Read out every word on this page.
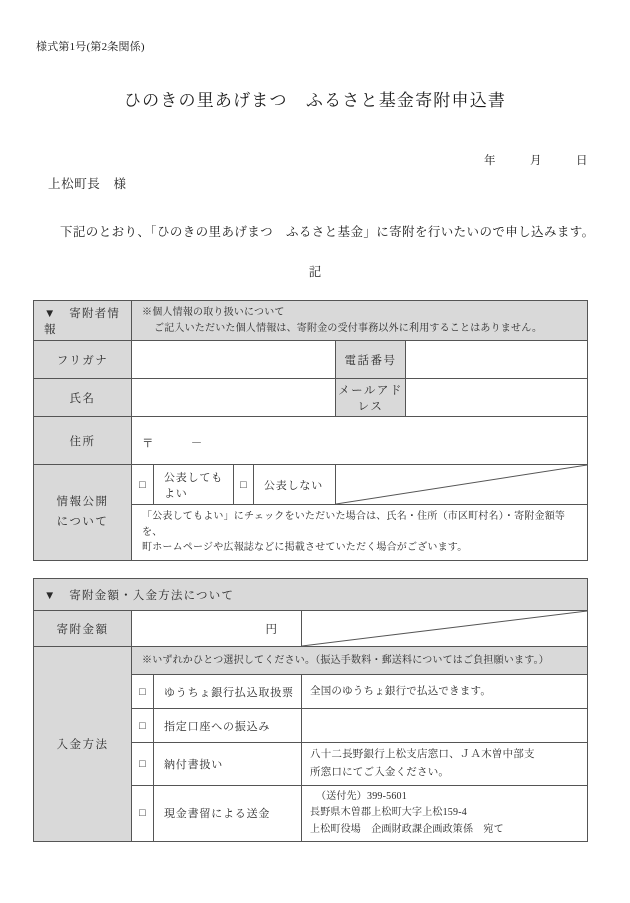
様式第1号(第2条関係)
ひのきの里あげまつ　ふるさと基金寄附申込書
年	月	日
上松町長　様
下記のとおり、「ひのきの里あげまつ　ふるさと基金」に寄附を行いたいので申し込みます。
記
▼　寄附者情報	※個人情報の取り扱いについて
ご記入いただいた個人情報は、寄附金の受付事務以外に利用することはありません。					

フリガナ					電話番号	
氏名					メールアドレス	
住所	〒 －					

情報公開
について	□	公表してもよい	□	公表しない	

	「公表してもよい」にチェックをいただいた場合は、氏名・住所（市区町村名）・寄附金額等を、
町ホームページや広報誌などに掲載させていただく場合がございます。					
▼　寄附金額・入金方法について			
寄附金額	円	

入金方法	※いずれかひとつ選択してください。（振込手数料・郵送料についてはご負担願います。）		
	□	ゆうちょ銀行払込取扱票	全国のゆうちょ銀行で払込できます。

	□	指定口座への振込み	

	□	納付書扱い	八十二長野銀行上松支店窓口、ＪＡ木曽中部支
所窓口にてご入金ください。

	□	現金書留による送金	（送付先）399-5601
長野県木曽郡上松町大字上松159-4
上松町役場　企画財政課企画政策係　宛て
